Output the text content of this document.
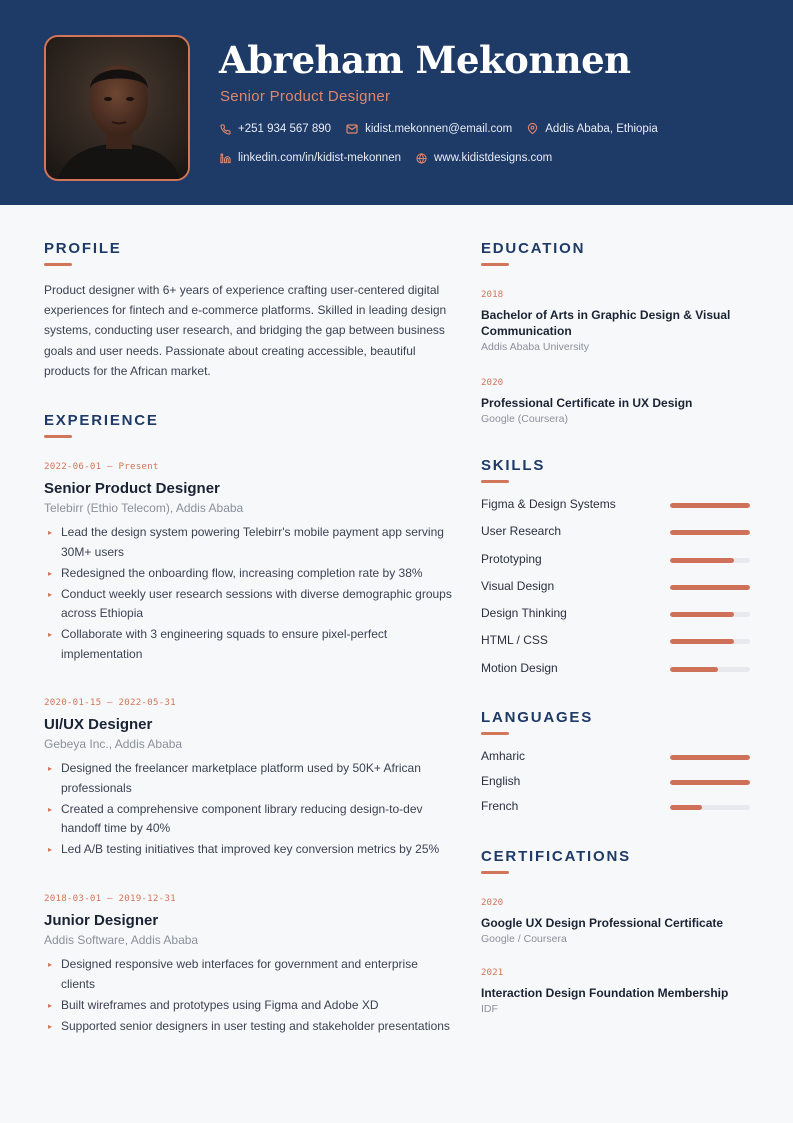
Abreham Mekonnen
Senior Product Designer
+251 934 567 890	kidist.mekonnen@email.com	Addis Ababa, Ethiopia
linkedin.com/in/kidist-mekonnen	www.kidistdesigns.com
PROFILE
Product designer with 6+ years of experience crafting user-centered digital experiences for fintech and e-commerce platforms. Skilled in leading design systems, conducting user research, and bridging the gap between business goals and user needs. Passionate about creating accessible, beautiful products for the African market.
EXPERIENCE
2022-06-01 — Present
Senior Product Designer
Telebirr (Ethio Telecom), Addis Ababa
▸ Lead the design system powering Telebirr's mobile payment app serving 30M+ users
▸ Redesigned the onboarding flow, increasing completion rate by 38%
▸ Conduct weekly user research sessions with diverse demographic groups across Ethiopia
▸ Collaborate with 3 engineering squads to ensure pixel-perfect implementation
2020-01-15 — 2022-05-31
UI/UX Designer
Gebeya Inc., Addis Ababa
▸ Designed the freelancer marketplace platform used by 50K+ African professionals
▸ Created a comprehensive component library reducing design-to-dev handoff time by 40%
▸ Led A/B testing initiatives that improved key conversion metrics by 25%
2018-03-01 — 2019-12-31
Junior Designer
Addis Software, Addis Ababa
▸ Designed responsive web interfaces for government and enterprise clients
▸ Built wireframes and prototypes using Figma and Adobe XD
▸ Supported senior designers in user testing and stakeholder presentations
EDUCATION
2018
Bachelor of Arts in Graphic Design & Visual Communication
Addis Ababa University
2020
Professional Certificate in UX Design
Google (Coursera)
SKILLS
Figma & Design Systems
User Research
Prototyping
Visual Design
Design Thinking
HTML / CSS
Motion Design
LANGUAGES
Amharic
English
French
CERTIFICATIONS
2020
Google UX Design Professional Certificate
Google / Coursera
2021
Interaction Design Foundation Membership
IDF
